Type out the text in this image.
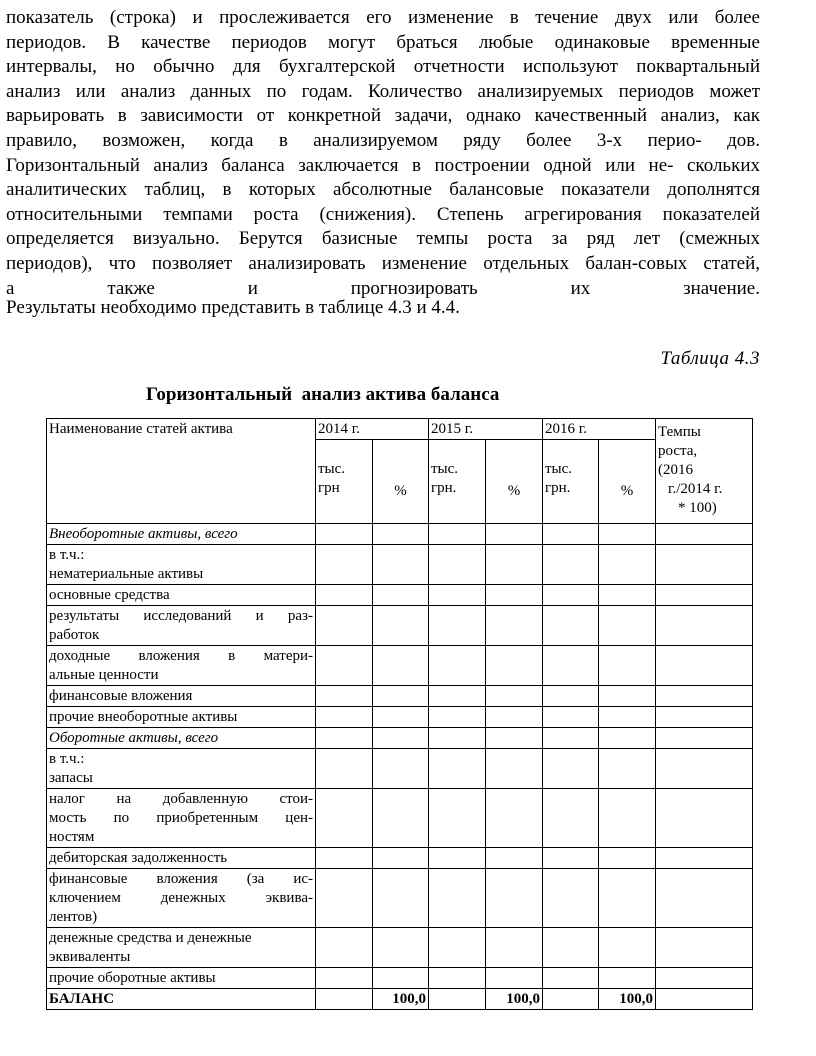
показатель (строка) и прослеживается его изменение в течение двух или более
периодов. В качестве периодов могут браться любые одинаковые временные
интервалы, но обычно для бухгалтерской отчетности используют поквартальный
анализ или анализ данных по годам. Количество анализируемых периодов может
варьировать в зависимости от конкретной задачи, однако качественный анализ, как
правило, возможен, когда в анализируемом ряду более 3-х перио- дов.
Горизонтальный анализ баланса заключается в построении одной или не- скольких
аналитических таблиц, в которых абсолютные балансовые показатели дополнятся
относительными темпами роста (снижения). Степень агрегирования показателей
определяется визуально. Берутся базисные темпы роста за ряд лет (смежных
периодов), что позволяет анализировать изменение отдельных балан-совых статей,
а также и прогнозировать их значение.
Результаты необходимо представить в таблице 4.3 и 4.4.
Таблица 4.3
Горизонтальный  анализ актива баланса
Наименование статей актива	2014 г.		2015 г.		2016 г.		Темпы
роста,
(2016
г./2014 г.
* 100)

	тыс. грн	%	тыс. грн.	%	тыс. грн.	%	

Внеоборотные активы, всего							

в т.ч.:
нематериальные активы							

основные средства							

результаты исследований и раз-
работок							

доходные вложения в матери-
альные ценности							

финансовые вложения							

прочие внеоборотные активы							

Оборотные активы, всего							

в т.ч.:
запасы							

налог на добавленную стои-
мость по приобретенным цен-
ностям							

дебиторская задолженность							

финансовые вложения (за ис-
ключением денежных эквива-
лентов)							

денежные средства и денежные
эквиваленты							

прочие оборотные активы							

БАЛАНС		100,0		100,0		100,0	
